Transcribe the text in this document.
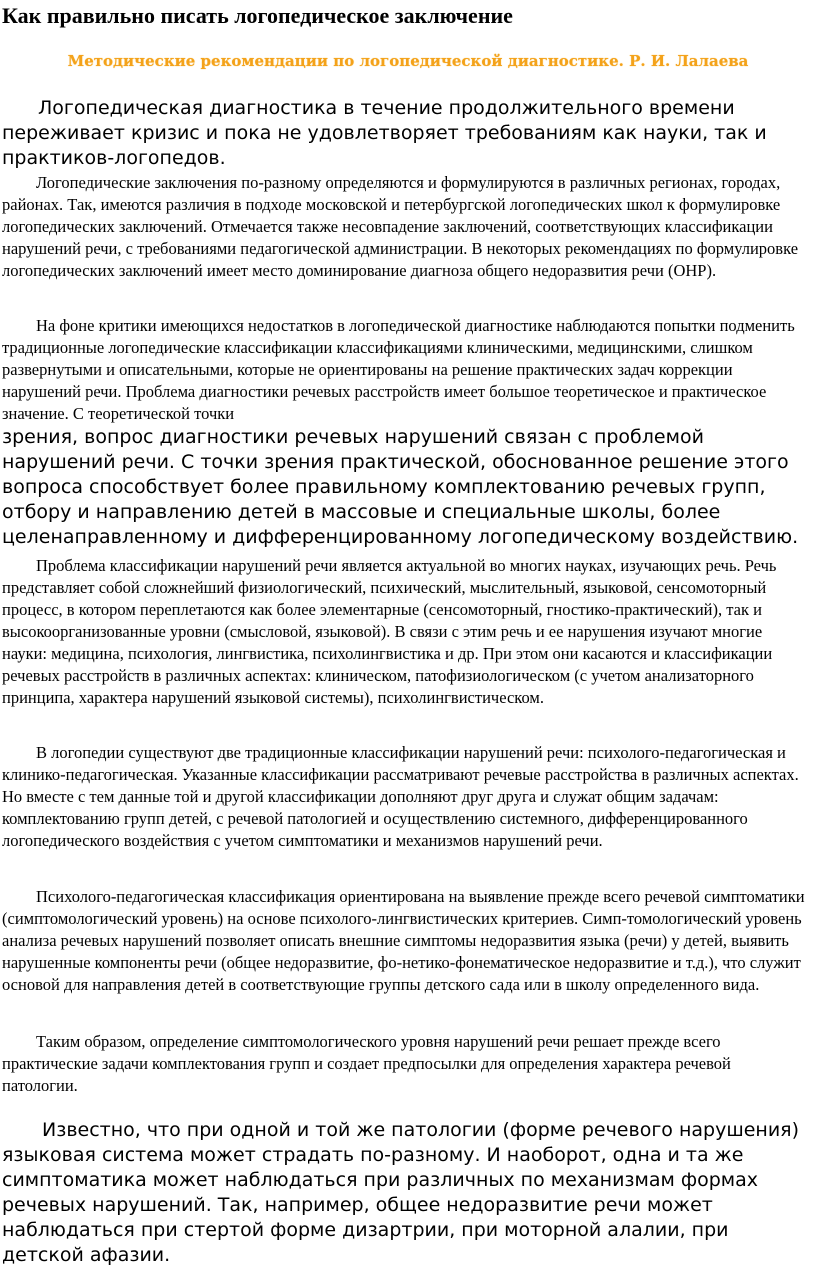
Как правильно писать логопедическое заключение
Методические рекомендации по логопедической диагностике. Р. И. Лалаева

Логопедическая диагностика в течение продолжительного времени переживает кризис и пока не удовлетворяет требованиям как науки, так и практиков-логопедов.

Логопедические заключения по-разному определяются и формулируются в различных регионах, городах, районах. Так, имеются различия в подходе московской и петербургской логопедических школ к формулировке логопедических заключений. Отмечается также несовпадение заключений, соответствующих классификации нарушений речи, с требованиями педагогической администрации. В некоторых рекомендациях по формулировке логопедических заключений имеет место доминирование диагноза общего недоразвития речи (ОНР).

На фоне критики имеющихся недостатков в логопедической диагностике наблюдаются попытки подменить традиционные логопедические классификации классификациями клиническими, медицинскими, слишком развернутыми и описательными, которые не ориентированы на решение практических задач коррекции нарушений речи. Проблема диагностики речевых расстройств имеет большое теоретическое и практическое значение. С теоретической точки

зрения, вопрос диагностики речевых нарушений связан с проблемой нарушений речи. С точки зрения практической, обоснованное решение этого вопроса способствует более правильному комплектованию речевых групп, отбору и направлению детей в массовые и специальные школы, более целенаправленному и дифференцированному логопедическому воздействию.

Проблема классификации нарушений речи является актуальной во многих науках, изучающих речь. Речь представляет собой сложнейший физиологический, психический, мыслительный, языковой, сенсомоторный процесс, в котором переплетаются как более элементарные (сенсомоторный, гностико-практический), так и высокоорганизованные уровни (смысловой, языковой). В связи с этим речь и ее нарушения изучают многие науки: медицина, психология, лингвистика, психолингвистика и др. При этом они касаются и классификации речевых расстройств в различных аспектах: клиническом, патофизиологическом (с учетом анализаторного принципа, характера нарушений языковой системы), психолингвистическом.

В логопедии существуют две традиционные классификации нарушений речи: психолого-педагогическая и клинико-педагогическая. Указанные классификации рассматривают речевые расстройства в различных аспектах. Но вместе с тем данные той и другой классификации дополняют друг друга и служат общим задачам: комплектованию групп детей, с речевой патологией и осуществлению системного, дифференцированного логопедического воздействия с учетом симптоматики и механизмов нарушений речи.

Психолого-педагогическая классификация ориентирована на выявление прежде всего речевой симптоматики (симптомологический уровень) на основе психолого-лингвистических критериев. Симп-томологический уровень анализа речевых нарушений позволяет описать внешние симптомы недоразвития языка (речи) у детей, выявить нарушенные компоненты речи (общее недоразвитие, фо-нетико-фонематическое недоразвитие и т.д.), что служит основой для направления детей в соответствующие группы детского сада или в школу определенного вида.

Таким образом, определение симптомологического уровня нарушений речи решает прежде всего практические задачи комплектования групп и создает предпосылки для определения характера речевой патологии.

Известно, что при одной и той же патологии (форме речевого нарушения) языковая система может страдать по-разному. И наоборот, одна и та же симптоматика может наблюдаться при различных по механизмам формах речевых нарушений. Так, например, общее недоразвитие речи может наблюдаться при стертой форме дизартрии, при моторной алалии, при детской афазии.
